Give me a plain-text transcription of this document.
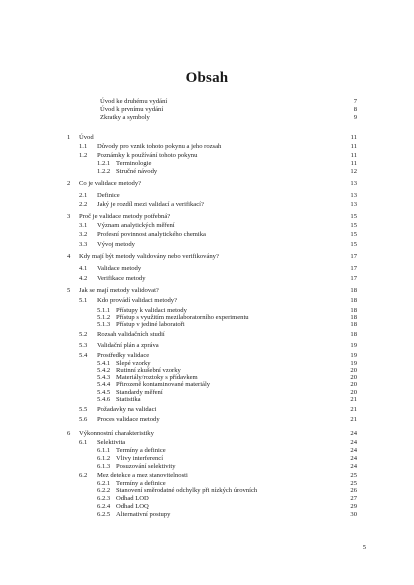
Obsah
Úvod ke druhému vydání	7
Úvod k prvnímu vydání	8
Zkratky a symboly	9
1 Úvod	11
1.1 Důvody pro vznik tohoto pokynu a jeho rozsah	11
1.2 Poznámky k používání tohoto pokynu	11
1.2.1 Terminologie	11
1.2.2 Stručné návody	12
2 Co je validace metody?	13
2.1 Definice	13
2.2 Jaký je rozdíl mezi validací a verifikací?	13
3 Proč je validace metody potřebná?	15
3.1 Význam analytických měření	15
3.2 Profesní povinnost analytického chemika	15
3.3 Vývoj metody	15
4 Kdy mají být metody validovány nebo verifikovány?	17
4.1 Validace metody	17
4.2 Verifikace metody	17
5 Jak se mají metody validovat?	18
5.1 Kdo provádí validaci metody?	18
5.1.1 Přístupy k validaci metody	18
5.1.2 Přístup s využitím mezilaboratorního experimentu	18
5.1.3 Přístup v jediné laboratoři	18
5.2 Rozsah validačních studií	18
5.3 Validační plán a zpráva	19
5.4 Prostředky validace	19
5.4.1 Slepé vzorky	19
5.4.2 Rutinní zkušební vzorky	20
5.4.3 Materiály/roztoky s přídavkem	20
5.4.4 Přirozeně kontaminované materiály	20
5.4.5 Standardy měření	20
5.4.6 Statistika	21
5.5 Požadavky na validaci	21
5.6 Proces validace metody	21
6 Výkonnostní charakteristiky	24
6.1 Selektivita	24
6.1.1 Termíny a definice	24
6.1.2 Vlivy interferencí	24
6.1.3 Posuzování selektivity	24
6.2 Mez detekce a mez stanovitelnosti	25
6.2.1 Termíny a definice	25
6.2.2 Stanovení směrodatné odchylky při nízkých úrovních	26
6.2.3 Odhad LOD	27
6.2.4 Odhad LOQ	29
6.2.5 Alternativní postupy	30
5
